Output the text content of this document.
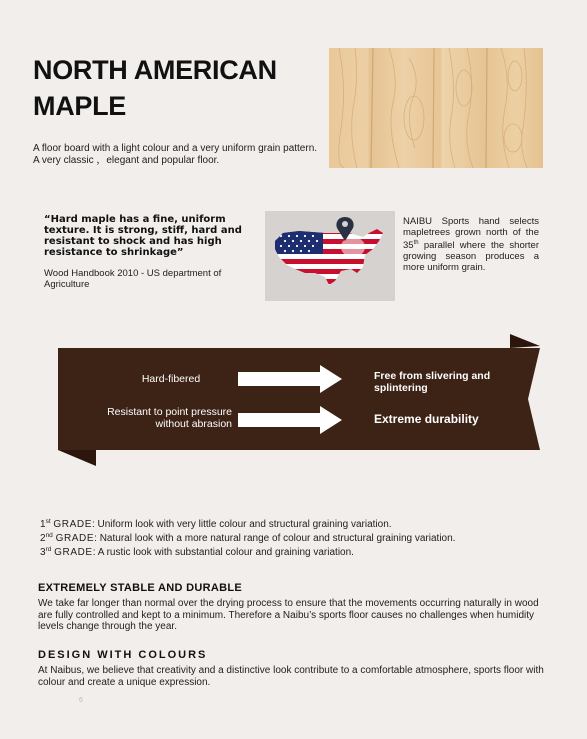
NORTH AMERICAN
MAPLE
A floor board with a light colour and a very uniform grain pattern. A very classic ，elegant and popular floor.
“Hard maple has a fine, uniform texture. It is strong, stiff, hard and resistant to shock and has high resistance to shrinkage”
Wood Handbook 2010 - US department of Agriculture
NAIBU Sports hand selects mapletrees grown north of the 35th parallel where the shorter growing season produces a more uniform grain.
Hard-fibered
Resistant to point pressure without abrasion
Free from slivering and splintering
Extreme durability
1st GRADE: Uniform look with very little colour and structural graining variation.
2nd GRADE: Natural look with a more natural range of colour and structural graining variation.
3rd GRADE: A rustic look with substantial colour and graining variation.
EXTREMELY STABLE AND DURABLE
We take far longer than normal over the drying process to ensure that the movements occurring naturally in wood are fully controlled and kept to a minimum. Therefore a Naibu’s sports floor causes no challenges when humidity levels change through the year.
DESIGN WITH COLOURS
At Naibus, we believe that creativity and a distinctive look contribute to a comfortable atmosphere, sports floor with colour and create a unique expression.
6
